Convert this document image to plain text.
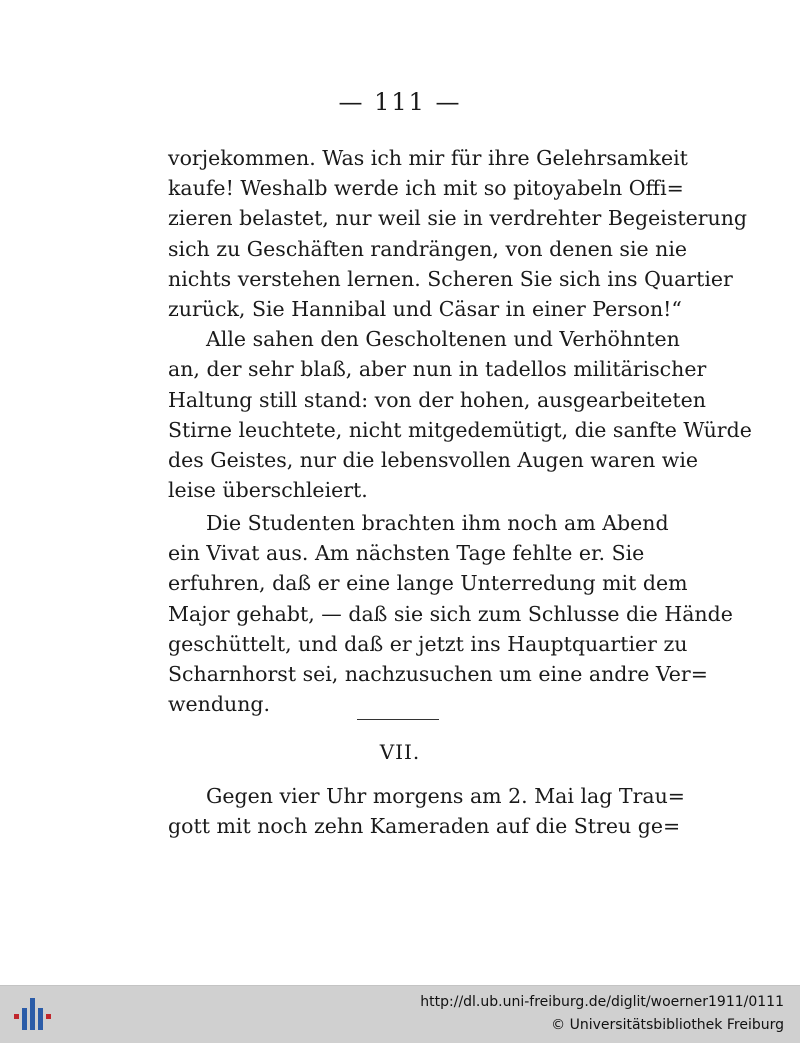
— 111 —
vorjekommen. Was ich mir für ihre Gelehrsamkeit
kaufe! Weshalb werde ich mit so pitoyabeln Offi=
zieren belastet, nur weil sie in verdrehter Begeisterung
sich zu Geschäften randrängen, von denen sie nie
nichts verstehen lernen. Scheren Sie sich ins Quartier
zurück, Sie Hannibal und Cäsar in einer Person!“
Alle sahen den Gescholtenen und Verhöhnten
an, der sehr blaß, aber nun in tadellos militärischer
Haltung still stand: von der hohen, ausgearbeiteten
Stirne leuchtete, nicht mitgedemütigt, die sanfte Würde
des Geistes, nur die lebensvollen Augen waren wie
leise überschleiert.
Die Studenten brachten ihm noch am Abend
ein Vivat aus. Am nächsten Tage fehlte er. Sie
erfuhren, daß er eine lange Unterredung mit dem
Major gehabt, — daß sie sich zum Schlusse die Hände
geschüttelt, und daß er jetzt ins Hauptquartier zu
Scharnhorst sei, nachzusuchen um eine andre Ver=
wendung.
VII.
Gegen vier Uhr morgens am 2. Mai lag Trau=
gott mit noch zehn Kameraden auf die Streu ge=
http://dl.ub.uni-freiburg.de/diglit/woerner1911/0111
© Universitätsbibliothek Freiburg
